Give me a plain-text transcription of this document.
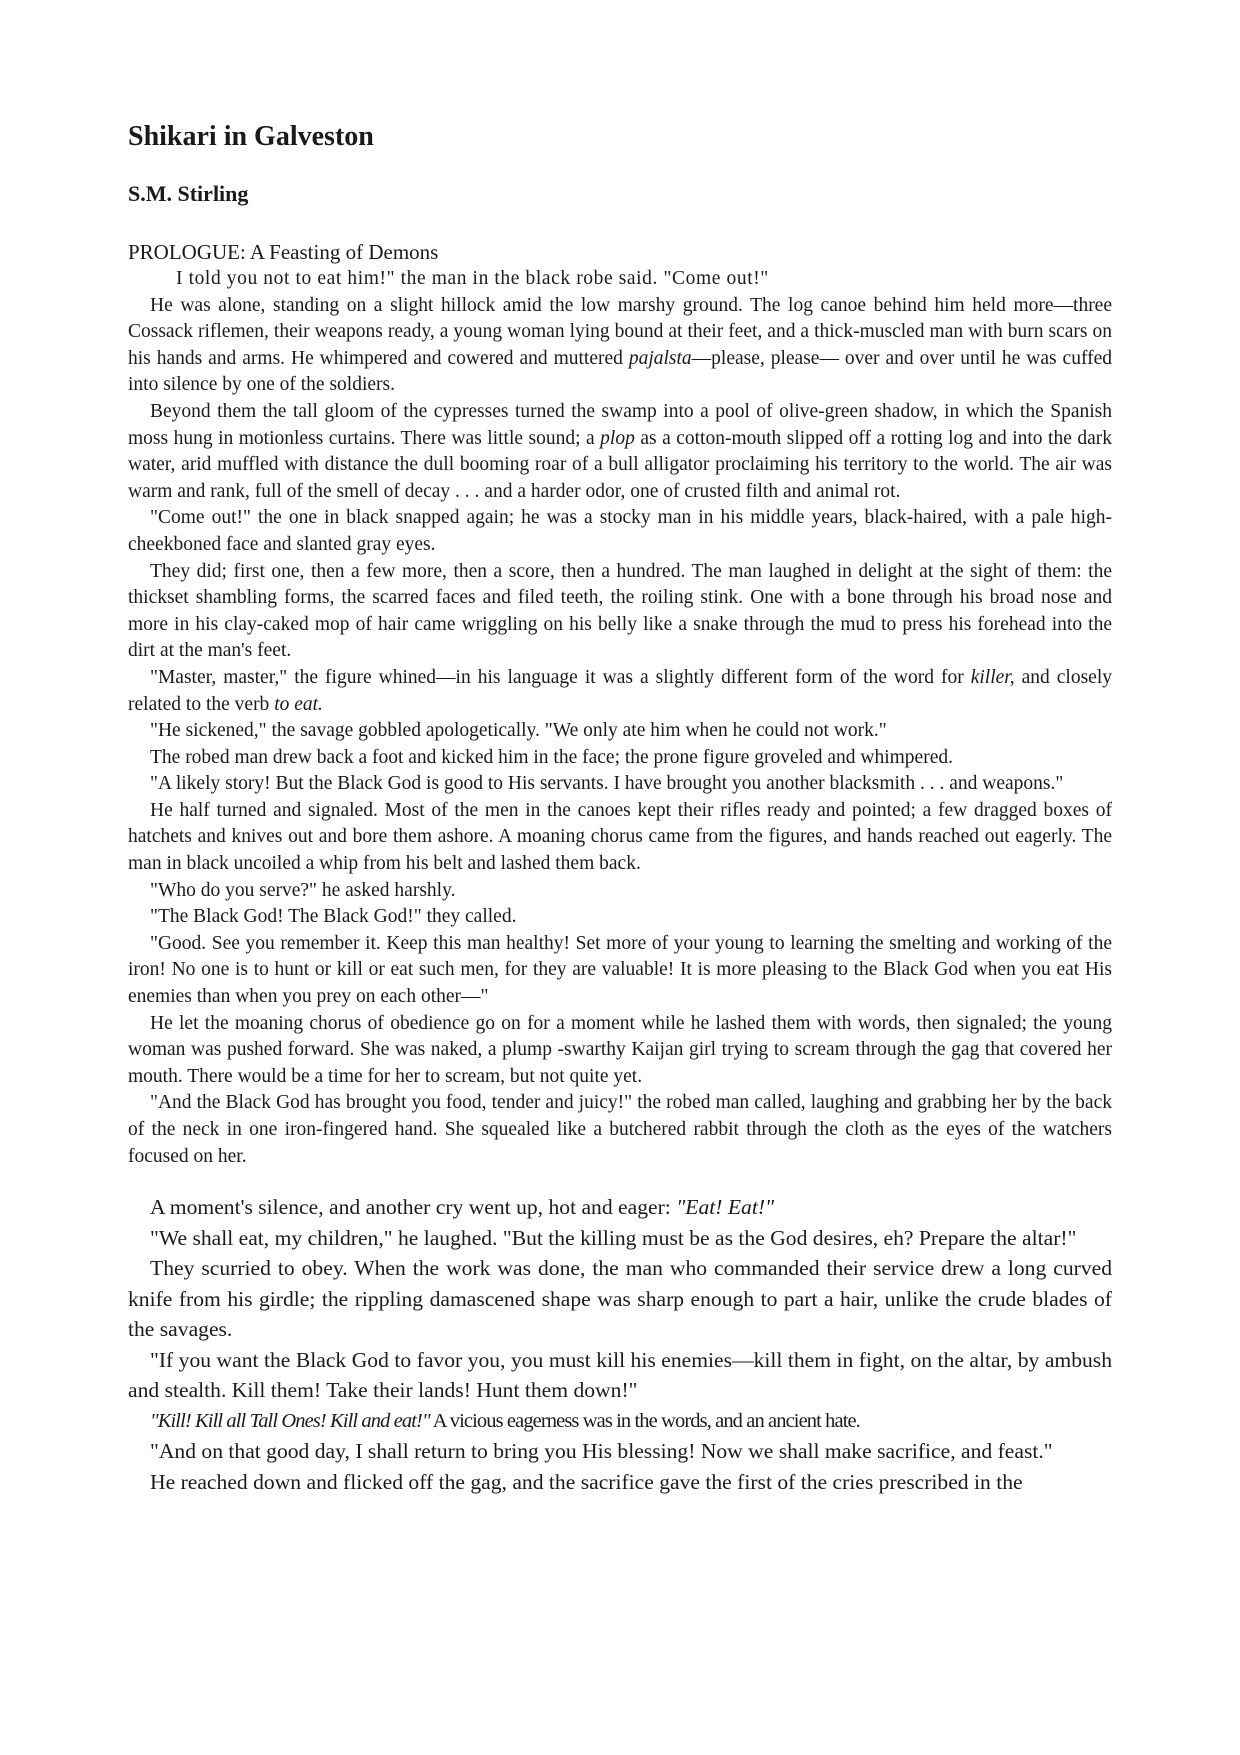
Shikari in Galveston
S.M. Stirling
PROLOGUE: A Feasting of Demons

I told you not to eat him!" the man in the black robe said. "Come out!"

He was alone, standing on a slight hillock amid the low marshy ground. The log canoe behind him held more—three Cossack riflemen, their weapons ready, a young woman lying bound at their feet, and a thick-muscled man with burn scars on his hands and arms. He whimpered and cowered and muttered pajalsta—please, please— over and over until he was cuffed into silence by one of the soldiers.

Beyond them the tall gloom of the cypresses turned the swamp into a pool of olive-green shadow, in which the Spanish moss hung in motionless curtains. There was little sound; a plop as a cotton-mouth slipped off a rotting log and into the dark water, arid muffled with distance the dull booming roar of a bull alligator proclaiming his territory to the world. The air was warm and rank, full of the smell of decay . . . and a harder odor, one of crusted filth and animal rot.

"Come out!" the one in black snapped again; he was a stocky man in his middle years, black-haired, with a pale high-cheekboned face and slanted gray eyes.

They did; first one, then a few more, then a score, then a hundred. The man laughed in delight at the sight of them: the thickset shambling forms, the scarred faces and filed teeth, the roiling stink. One with a bone through his broad nose and more in his clay-caked mop of hair came wriggling on his belly like a snake through the mud to press his forehead into the dirt at the man's feet.

"Master, master," the figure whined—in his language it was a slightly different form of the word for killer, and closely related to the verb to eat.

"He sickened," the savage gobbled apologetically. "We only ate him when he could not work."

The robed man drew back a foot and kicked him in the face; the prone figure groveled and whimpered.

"A likely story! But the Black God is good to His servants. I have brought you another blacksmith . . . and weapons."

He half turned and signaled. Most of the men in the canoes kept their rifles ready and pointed; a few dragged boxes of hatchets and knives out and bore them ashore. A moaning chorus came from the figures, and hands reached out eagerly. The man in black uncoiled a whip from his belt and lashed them back.

"Who do you serve?" he asked harshly.

"The Black God! The Black God!" they called.

"Good. See you remember it. Keep this man healthy! Set more of your young to learning the smelting and working of the iron! No one is to hunt or kill or eat such men, for they are valuable! It is more pleasing to the Black God when you eat His enemies than when you prey on each other—"

He let the moaning chorus of obedience go on for a moment while he lashed them with words, then signaled; the young woman was pushed forward. She was naked, a plump -swarthy Kaijan girl trying to scream through the gag that covered her mouth. There would be a time for her to scream, but not quite yet.

"And the Black God has brought you food, tender and juicy!" the robed man called, laughing and grabbing her by the back of the neck in one iron-fingered hand. She squealed like a butchered rabbit through the cloth as the eyes of the watchers focused on her.

A moment's silence, and another cry went up, hot and eager: "Eat! Eat!"

"We shall eat, my children," he laughed. "But the killing must be as the God desires, eh? Prepare the altar!"

They scurried to obey. When the work was done, the man who commanded their service drew a long curved knife from his girdle; the rippling damascened shape was sharp enough to part a hair, unlike the crude blades of the savages.

"If you want the Black God to favor you, you must kill his enemies—kill them in fight, on the altar, by ambush and stealth. Kill them! Take their lands! Hunt them down!"

"Kill! Kill all Tall Ones! Kill and eat!" A vicious eagerness was in the words, and an ancient hate.

"And on that good day, I shall return to bring you His blessing! Now we shall make sacrifice, and feast."

He reached down and flicked off the gag, and the sacrifice gave the first of the cries prescribed in the
